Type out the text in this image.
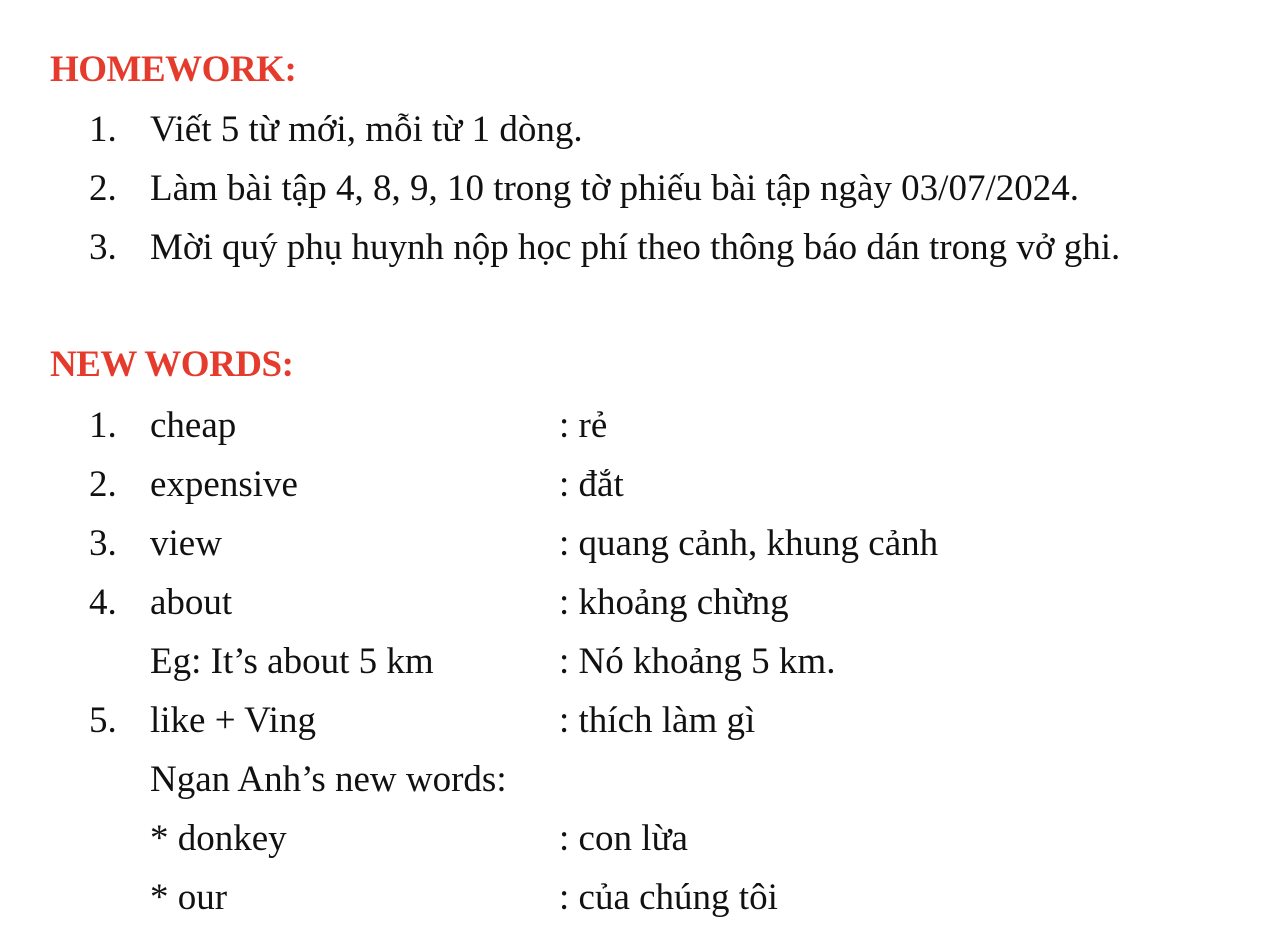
HOMEWORK:
1. Viết 5 từ mới, mỗi từ 1 dòng.
2. Làm bài tập 4, 8, 9, 10 trong tờ phiếu bài tập ngày 03/07/2024.
3. Mời quý phụ huynh nộp học phí theo thông báo dán trong vở ghi.
NEW WORDS:
1. cheap	: rẻ
2. expensive	: đắt
3. view	: quang cảnh, khung cảnh
4. about	: khoảng chừng
Eg: It’s about 5 km	: Nó khoảng 5 km.
5. like + Ving	: thích làm gì
Ngan Anh’s new words:
* donkey	: con lừa
* our	: của chúng tôi
